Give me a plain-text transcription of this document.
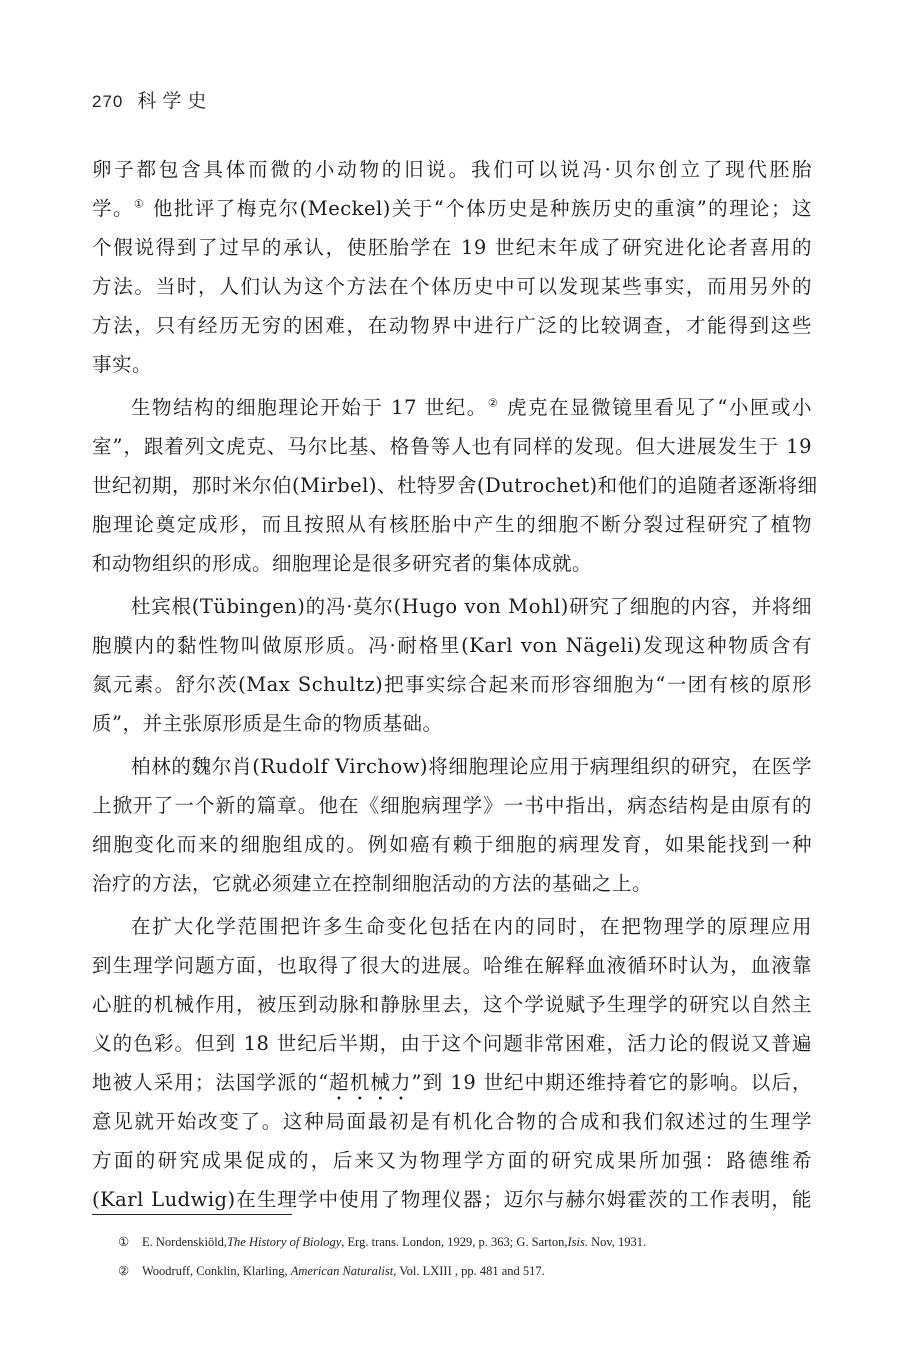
270 科学史
卵子都包含具体而微的小动物的旧说。我们可以说冯·贝尔创立了现代胚胎
学。① 他批评了梅克尔(Meckel)关于“个体历史是种族历史的重演”的理论；这
个假说得到了过早的承认，使胚胎学在 19 世纪末年成了研究进化论者喜用的
方法。当时，人们认为这个方法在个体历史中可以发现某些事实，而用另外的
方法，只有经历无穷的困难，在动物界中进行广泛的比较调查，才能得到这些
事实。
生物结构的细胞理论开始于 17 世纪。② 虎克在显微镜里看见了“小匣或小
室”，跟着列文虎克、马尔比基、格鲁等人也有同样的发现。但大进展发生于 19
世纪初期，那时米尔伯(Mirbel)、杜特罗舍(Dutrochet)和他们的追随者逐渐将细
胞理论奠定成形，而且按照从有核胚胎中产生的细胞不断分裂过程研究了植物
和动物组织的形成。细胞理论是很多研究者的集体成就。
杜宾根(Tübingen)的冯·莫尔(Hugo von Mohl)研究了细胞的内容，并将细
胞膜内的黏性物叫做原形质。冯·耐格里(Karl von Nägeli)发现这种物质含有
氮元素。舒尔茨(Max Schultz)把事实综合起来而形容细胞为“一团有核的原形
质”，并主张原形质是生命的物质基础。
柏林的魏尔肖(Rudolf Virchow)将细胞理论应用于病理组织的研究，在医学
上掀开了一个新的篇章。他在《细胞病理学》一书中指出，病态结构是由原有的
细胞变化而来的细胞组成的。例如癌有赖于细胞的病理发育，如果能找到一种
治疗的方法，它就必须建立在控制细胞活动的方法的基础之上。
在扩大化学范围把许多生命变化包括在内的同时，在把物理学的原理应用
到生理学问题方面，也取得了很大的进展。哈维在解释血液循环时认为，血液靠
心脏的机械作用，被压到动脉和静脉里去，这个学说赋予生理学的研究以自然主
义的色彩。但到 18 世纪后半期，由于这个问题非常困难，活力论的假说又普遍
地被人采用；法国学派的“超机械力”到 19 世纪中期还维持着它的影响。以后，
意见就开始改变了。这种局面最初是有机化合物的合成和我们叙述过的生理学
方面的研究成果促成的，后来又为物理学方面的研究成果所加强：路德维希
(Karl Ludwig)在生理学中使用了物理仪器；迈尔与赫尔姆霍茨的工作表明，能
① E. Nordenskiöld,The History of Biology, Erg. trans. London, 1929, p. 363; G. Sarton,Isis. Nov, 1931.
② Woodruff, Conklin, Klarling, American Naturalist, Vol. LXIII , pp. 481 and 517.
